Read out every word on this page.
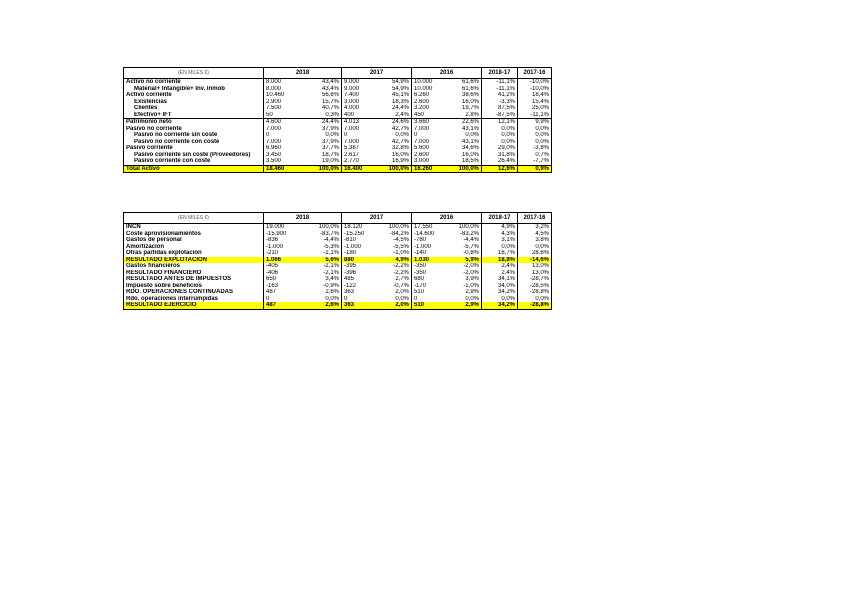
(EN MILES €)	2018		2017		2016		2018-17	2017-16
Activo no corriente	8.000	43,4%	9.000	54,9%	10.000	61,6%	-11,1%	-10,0%
Material+ Intangible+ Inv. Inmob	8.000	43,4%	9.000	54,9%	10.000	61,6%	-11,1%	-10,0%
Activo corriente	10.460	56,6%	7.400	45,1%	6.260	38,6%	41,2%	18,4%
Existencias	2.900	15,7%	3.000	18,3%	2.600	16,0%	-3,3%	15,4%
Clientes	7.500	40,7%	4.000	24,4%	3.200	19,7%	87,5%	25,0%
Efectivo+ IFT	50	0,3%	400	2,4%	450	2,8%	-87,5%	-11,1%
Patrimonio neto	4.600	24,4%	4.013	24,6%	3.660	22,6%	12,1%	9,9%
Pasivo no corriente	7.000	37,9%	7.000	42,7%	7.000	43,1%	0,0%	0,0%
Pasivo no corriente sin coste	0	0,0%	0	0,0%	0	0,0%	0,0%	0,0%
Pasivo no corriente con coste	7.000	37,9%	7.000	42,7%	7.000	43,1%	0,0%	0,0%
Pasivo corriente	6.960	37,7%	5.387	32,8%	5.600	34,6%	29,0%	-3,8%
Pasivo corriente sin coste (Proveedores)	3.450	18,7%	2.617	16,0%	2.600	16,0%	31,8%	0,7%
Pasivo corriente con coste	3.500	19,0%	2.770	16,9%	3.000	18,5%	26,4%	-7,7%
Total Activo	18.460	100,0%	16.400	100,0%	16.260	100,0%	12,6%	0,9%
(EN MILES €)	2018		2017		2016		2018-17	2017-16
INCN	19.000	100,0%	18.120	100,0%	17.550	100,0%	4,9%	3,2%
Coste aprovisionamientos	-15.900	-83,7%	-15.250	-84,2%	-14.600	-83,2%	4,3%	4,5%
Gastos de personal	-836	-4,4%	-810	-4,5%	-780	-4,4%	3,1%	3,8%
Amortización	-1.000	-5,3%	-1.000	-5,5%	-1.000	-5,7%	0,0%	0,0%
Otras partidas explotación	-210	-1,1%	-180	-1,0%	-140	-0,8%	16,7%	28,6%
RESULTADO EXPLOTACIÓN	1.066	5,6%	880	4,9%	1.030	5,9%	18,8%	-14,6%
Gastos financieros	-405	-2,1%	-395	-2,2%	-350	-2,0%	2,4%	13,0%
RESULTADO FINANCIERO	-406	-2,1%	-396	-2,2%	-350	-2,0%	2,4%	13,0%
RESULTADO ANTES DE IMPUESTOS	650	3,4%	485	2,7%	680	3,9%	34,1%	-28,7%
Impuesto sobre beneficios	-163	-0,9%	-122	-0,7%	-170	-1,0%	34,0%	-28,5%
RDO. OPERACIONES CONTINUADAS	487	2,6%	363	2,0%	510	2,9%	34,2%	-28,8%
Rdo. operaciones interrumpidas	0	0,0%	0	0,0%	0	0,0%	0,0%	0,0%
RESULTADO EJERCICIO	487	2,6%	363	2,0%	510	2,9%	34,2%	-28,8%
